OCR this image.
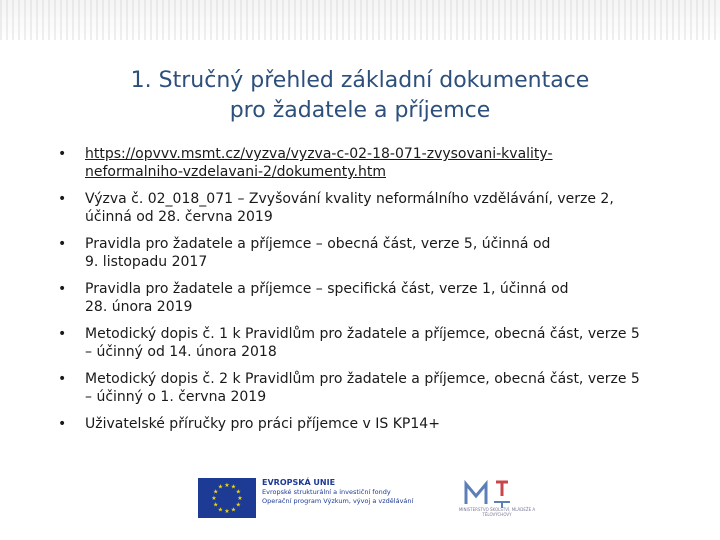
1. Stručný přehled základní dokumentace
pro žadatele a příjemce
• https://opvvv.msmt.cz/vyzva/vyzva-c-02-18-071-zvysovani-kvality-
neformalniho-vzdelavani-2/dokumenty.htm
• Výzva č. 02_018_071 – Zvyšování kvality neformálního vzdělávání, verze 2,
účinná od 28. června 2019
• Pravidla pro žadatele a příjemce – obecná část, verze 5, účinná od
9. listopadu 2017
• Pravidla pro žadatele a příjemce – specifická část, verze 1, účinná od
28. února 2019
• Metodický dopis č. 1 k Pravidlům pro žadatele a příjemce, obecná část, verze 5
– účinný od 14. února 2018
• Metodický dopis č. 2 k Pravidlům pro žadatele a příjemce, obecná část, verze 5
– účinný o 1. června 2019
• Uživatelské příručky pro práci příjemce v IS KP14+
★ ★
★
★
★
★
★
★
★
★
★
★
EVROPSKÁ UNIE
Evropské strukturální a investiční fondy
Operační program Výzkum, vývoj a vzdělávání
MINISTERSTVO ŠKOLSTVÍ, MLÁDEŽE A TĚLOVÝCHOVY
